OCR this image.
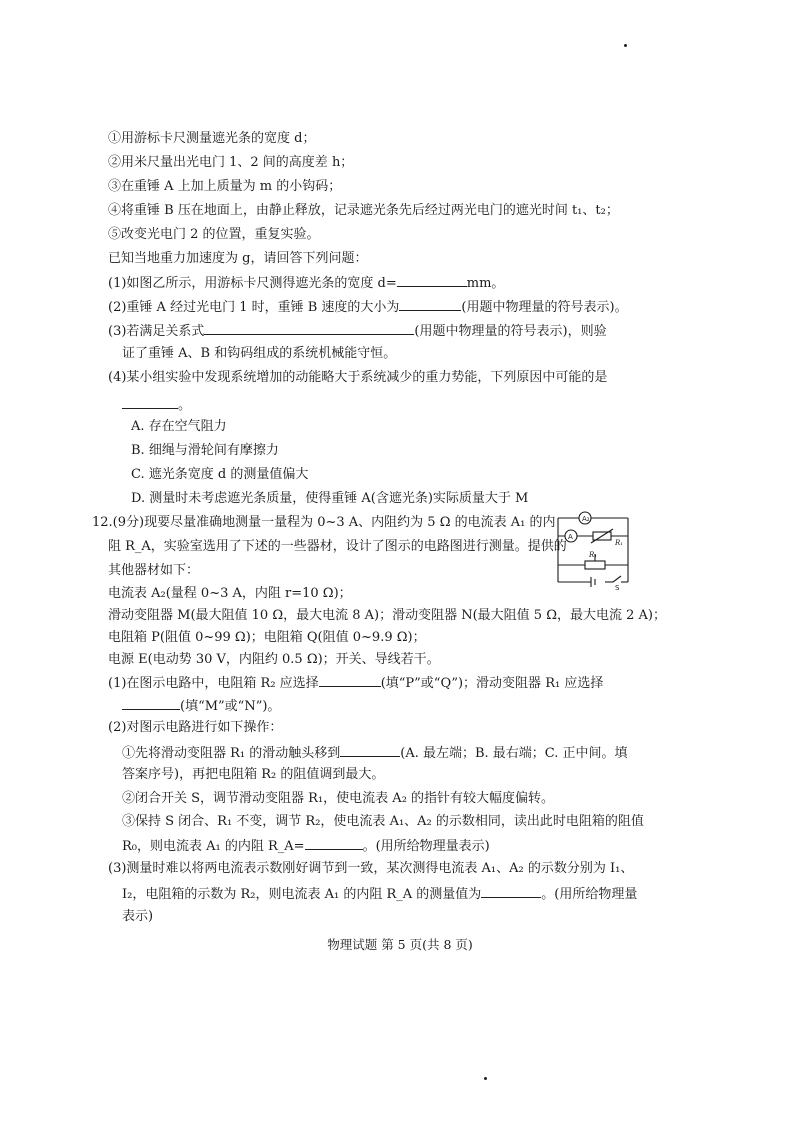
①用游标卡尺测量遮光条的宽度 d；
②用米尺量出光电门 1、2 间的高度差 h；
③在重锤 A 上加上质量为 m 的小钩码；
④将重锤 B 压在地面上，由静止释放，记录遮光条先后经过两光电门的遮光时间 t₁、t₂；
⑤改变光电门 2 的位置，重复实验。
已知当地重力加速度为 g，请回答下列问题：
(1)如图乙所示，用游标卡尺测得遮光条的宽度 d=	mm。
(2)重锤 A 经过光电门 1 时，重锤 B 速度的大小为	(用题中物理量的符号表示)。
(3)若满足关系式	(用题中物理量的符号表示)，则验
证了重锤 A、B 和钩码组成的系统机械能守恒。
(4)某小组实验中发现系统增加的动能略大于系统减少的重力势能，下列原因中可能的是
。
A. 存在空气阻力
B. 细绳与滑轮间有摩擦力
C. 遮光条宽度 d 的测量值偏大
D. 测量时未考虑遮光条质量，使得重锤 A(含遮光条)实际质量大于 M
12.(9分)现要尽量准确地测量一量程为 0~3 A、内阻约为 5 Ω 的电流表 A₁ 的内
阻 R_A，实验室选用了下述的一些器材，设计了图示的电路图进行测量。提供的
其他器材如下：
电流表 A₂(量程 0~3 A，内阻 r=10 Ω)；
滑动变阻器 M(最大阻值 10 Ω，最大电流 8 A)；滑动变阻器 N(最大阻值 5 Ω，最大电流 2 A)；
电阻箱 P(阻值 0~99 Ω)；电阻箱 Q(阻值 0~9.9 Ω)；
电源 E(电动势 30 V，内阻约 0.5 Ω)；开关、导线若干。
(1)在图示电路中，电阻箱 R₂ 应选择	(填“P”或“Q”)；滑动变阻器 R₁ 应选择
(填“M”或“N”)。
(2)对图示电路进行如下操作：
①先将滑动变阻器 R₁ 的滑动触头移到	(A. 最左端；B. 最右端；C. 正中间。填
答案序号)，再把电阻箱 R₂ 的阻值调到最大。
②闭合开关 S，调节滑动变阻器 R₁，使电流表 A₂ 的指针有较大幅度偏转。
③保持 S 闭合、R₁ 不变，调节 R₂，使电流表 A₁、A₂ 的示数相同，读出此时电阻箱的阻值
R₀，则电流表 A₁ 的内阻 R_A=	。(用所给物理量表示)
(3)测量时难以将两电流表示数刚好调节到一致，某次测得电流表 A₁、A₂ 的示数分别为 I₁、
I₂，电阻箱的示数为 R₂，则电流表 A₁ 的内阻 R_A 的测量值为	。(用所给物理量
表示)
A₂
A
R₁
R₁
S
物理试题 第 5 页(共 8 页)
